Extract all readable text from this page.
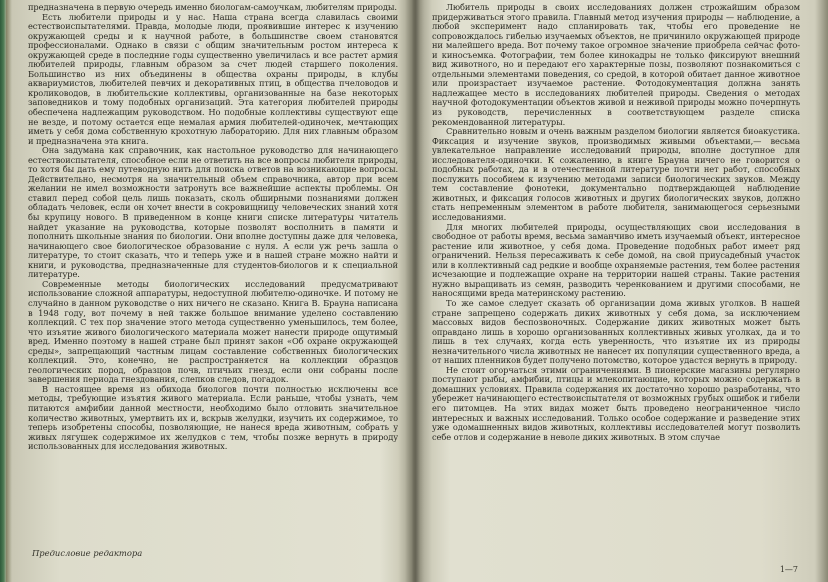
предназначена в первую очередь именно биологам-самоучкам, любителям природы.

Есть любители природы и у нас. Наша страна всегда славилась своими естествоиспытателями. Правда, молодые люди, проявившие интерес к изучению окружающей среды и к научной работе, в большинстве своем становятся профессионалами. Однако в связи с общим значительным ростом интереса к окружающей среде в последние годы существенно увеличилась и все растет армия любителей природы, главным образом за счет людей старшего поколения. Большинство из них объединены в общества охраны природы, в клубы аквариумистов, любителей певчих и декоративных птиц, в общества пчеловодов и кролиководов, в любительские коллективы, организованные на базе некоторых заповедников и тому подобных организаций. Эта категория любителей природы обеспечена надлежащим руководством. Но подобные коллективы существуют еще не везде, и потому остается еще немалая армия любителей-одиночек, мечтающих иметь у себя дома собственную крохотную лабораторию. Для них главным образом и предназначена эта книга.

Она задумана как справочник, как настольное руководство для начинающего естествоиспытателя, способное если не ответить на все вопросы любителя природы, то хотя бы дать ему путеводную нить для поиска ответов на возникающие вопросы. Действительно, несмотря на значительный объем справочника, автор при всем желании не имел возможности затронуть все важнейшие аспекты проблемы. Он ставил перед собой цель лишь показать, сколь обширными познаниями должен обладать человек, если он хочет внести в сокровищницу человеческих знаний хотя бы крупицу нового. В приведенном в конце книги списке литературы читатель найдет указание на руководства, которые позволят восполнить в памяти и пополнить школьные знания по биологии. Они вполне доступны даже для человека, начинающего свое биологическое образование с нуля. А если уж речь зашла о литературе, то стоит сказать, что и теперь уже и в нашей стране можно найти и книги, и руководства, предназначенные для студентов-биологов и к специальной литературе.

Современные методы биологических исследований предусматривают использование сложной аппаратуры, недоступной любителю-одиночке. И потому не случайно в данном руководстве о них ничего не сказано. Книга В. Брауна написана в 1948 году, вот почему в ней также большое внимание уделено составлению коллекций. С тех пор значение этого метода существенно уменьшилось, тем более, что изъятие живого биологического материала может нанести природе ощутимый вред. Именно поэтому в нашей стране был принят закон «Об охране окружающей среды», запрещающий частным лицам составление собственных биологических коллекций. Это, конечно, не распространяется на коллекции образцов геологических пород, образцов почв, птичьих гнезд, если они собраны после завершения периода гнездования, слепков следов, погадок.

В настоящее время из обихода биологов почти полностью исключены все методы, требующие изъятия живого материала. Если раньше, чтобы узнать, чем питаются амфибии данной местности, необходимо было отловить значительное количество животных, умертвить их и, вскрыв желудки, изучить их содержимое, то теперь изобретены способы, позволяющие, не нанеся вреда животным, собрать у живых лягушек содержимое их желудков с тем, чтобы позже вернуть в природу использованных для исследования животных.

Предисловие редактора

Любитель природы в своих исследованиях должен строжайшим образом придерживаться этого правила. Главный метод изучения природы — наблюдение, а любой эксперимент надо спланировать так, чтобы его проведение не сопровождалось гибелью изучаемых объектов, не причинило окружающей природе ни малейшего вреда. Вот почему такое огромное значение приобрела сейчас фото- и киносъемка. Фотографии, тем более кинокадры не только фиксируют внешний вид животного, но и передают его характерные позы, позволяют познакомиться с отдельными элементами поведения, со средой, в которой обитает данное животное или произрастает изучаемое растение. Фотодокументация должна занять надлежащее место в исследованиях любителей природы. Сведения о методах научной фотодокументации объектов живой и неживой природы можно почерпнуть из руководств, перечисленных в соответствующем разделе списка рекомендованной литературы.

Сравнительно новым и очень важным разделом биологии является биоакустика. Фиксация и изучение звуков, производимых живыми объектами,— весьма увлекательное направление исследований природы, вполне доступное для исследователя-одиночки. К сожалению, в книге Брауна ничего не говорится о подобных работах, да и в отечественной литературе почти нет работ, способных послужить пособием к изучению методами записи биологических звуков. Между тем составление фонотеки, документально подтверждающей наблюдение животных, и фиксация голосов животных и других биологических звуков, должно стать непременным элементом в работе любителя, занимающегося серьезными исследованиями.

Для многих любителей природы, осуществляющих свои исследования в свободное от работы время, весьма заманчиво иметь изучаемый объект, интересное растение или животное, у себя дома. Проведение подобных работ имеет ряд ограничений. Нельзя пересаживать к себе домой, на свой приусадебный участок или в коллективный сад редкие и вообще охраняемые растения, тем более растения исчезающие и подлежащие охране на территории нашей страны. Такие растения нужно выращивать из семян, разводить черенкованием и другими способами, не наносящими вреда материнскому растению.

То же самое следует сказать об организации дома живых уголков. В нашей стране запрещено содержать диких животных у себя дома, за исключением массовых видов беспозвоночных. Содержание диких животных может быть оправдано лишь в хорошо организованных коллективных живых уголках, да и то лишь в тех случаях, когда есть уверенность, что изъятие их из природы незначительного числа животных не нанесет их популяции существенного вреда, а от наших пленников будет получено потомство, которое удастся вернуть в природу.

Не стоит огорчаться этими ограничениями. В пионерские магазины регулярно поступают рыбы, амфибии, птицы и млекопитающие, которых можно содержать в домашних условиях. Правила содержания их достаточно хорошо разработаны, что убережет начинающего естествоиспытателя от возможных грубых ошибок и гибели его питомцев. На этих видах может быть проведено неограниченное число интересных и важных исследований. Только особое содержание и разведение этих уже одомашненных видов животных, коллективы исследователей могут позволить себе отлов и содержание в неволе диких животных. В этом случае

1—7
